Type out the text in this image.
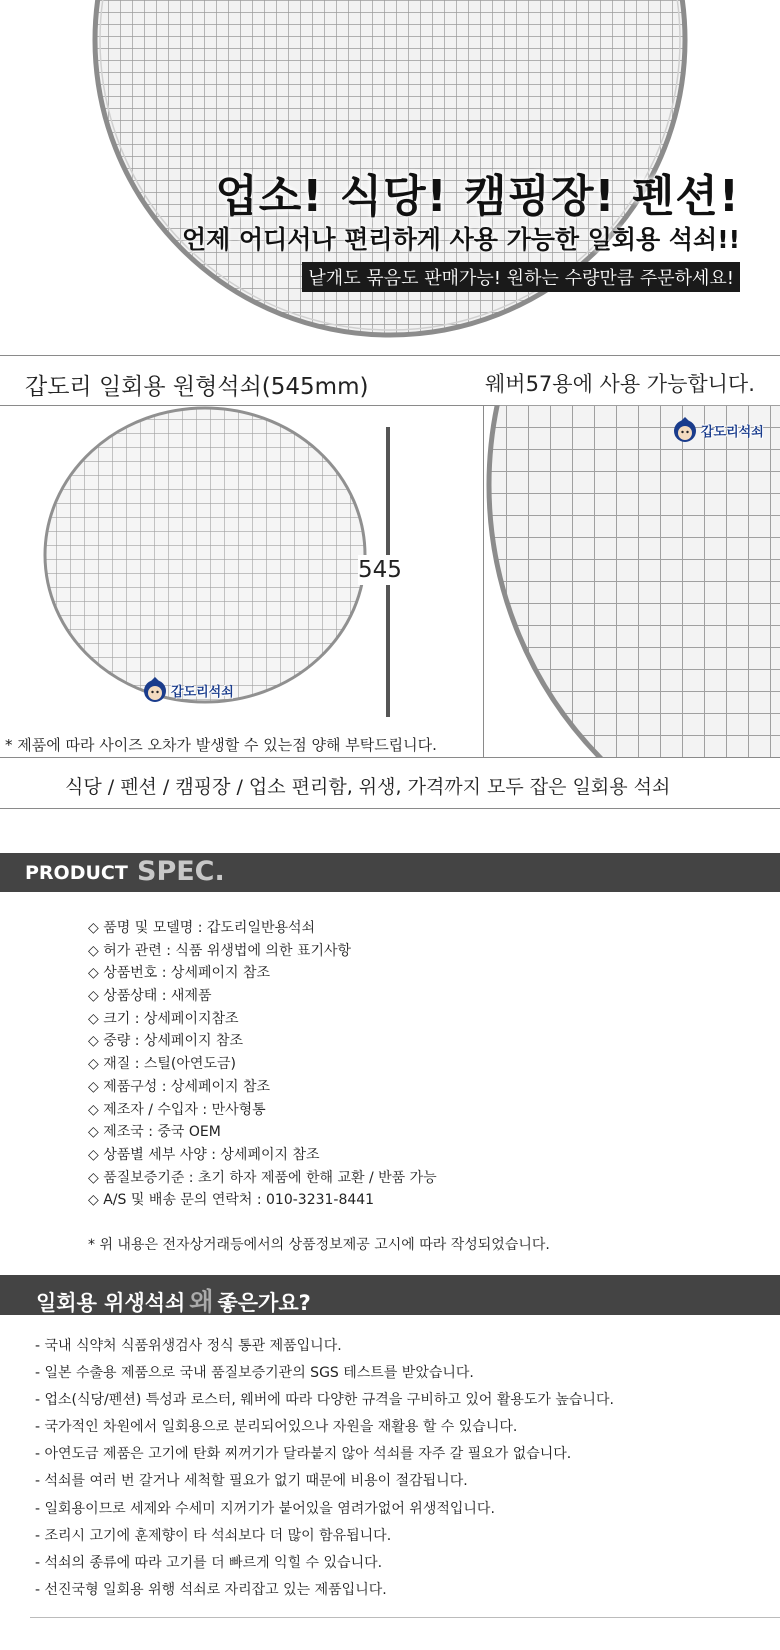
업소! 식당! 캠핑장! 펜션!
언제 어디서나 편리하게 사용 가능한 일회용 석쇠!!
낱개도 묶음도 판매가능! 원하는 수량만큼 주문하세요!
갑도리 일회용 원형석쇠(545mm)	웨버57용에 사용 가능합니다.
545
갑도리석쇠
갑도리석쇠
* 제품에 따라 사이즈 오차가 발생할 수 있는점 양해 부탁드립니다.
식당 / 펜션 / 캠핑장 / 업소 편리함, 위생, 가격까지 모두 잡은 일회용 석쇠
PRODUCT SPEC.
◇ 품명 및 모델명 : 갑도리일반용석쇠
◇ 허가 관련 : 식품 위생법에 의한 표기사항
◇ 상품번호 : 상세페이지 참조
◇ 상품상태 : 새제품
◇ 크기 : 상세페이지참조
◇ 중량 : 상세페이지 참조
◇ 재질 : 스틸(아연도금)
◇ 제품구성 : 상세페이지 참조
◇ 제조자 / 수입자 : 만사형통
◇ 제조국 : 중국 OEM
◇ 상품별 세부 사양 : 상세페이지 참조
◇ 품질보증기준 : 초기 하자 제품에 한해 교환 / 반품 가능
◇ A/S 및 배송 문의 연락처 : 010-3231-8441
* 위 내용은 전자상거래등에서의 상품정보제공 고시에 따라 작성되었습니다.
일회용 위생석쇠 왜 좋은가요?
- 국내 식약처 식품위생검사 정식 통관 제품입니다.
- 일본 수출용 제품으로 국내 품질보증기관의 SGS 테스트를 받았습니다.
- 업소(식당/펜션) 특성과 로스터, 웨버에 따라 다양한 규격을 구비하고 있어 활용도가 높습니다.
- 국가적인 차원에서 일회용으로 분리되어있으나 자원을 재활용 할 수 있습니다.
- 아연도금 제품은 고기에 탄화 찌꺼기가 달라붙지 않아 석쇠를 자주 갈 필요가 없습니다.
- 석쇠를 여러 번 갈거나 세척할 필요가 없기 때문에 비용이 절감됩니다.
- 일회용이므로 세제와 수세미 지꺼기가 붙어있을 염려가없어 위생적입니다.
- 조리시 고기에 훈제향이 타 석쇠보다 더 많이 함유됩니다.
- 석쇠의 종류에 따라 고기를 더 빠르게 익힐 수 있습니다.
- 선진국형 일회용 위행 석쇠로 자리잡고 있는 제품입니다.
